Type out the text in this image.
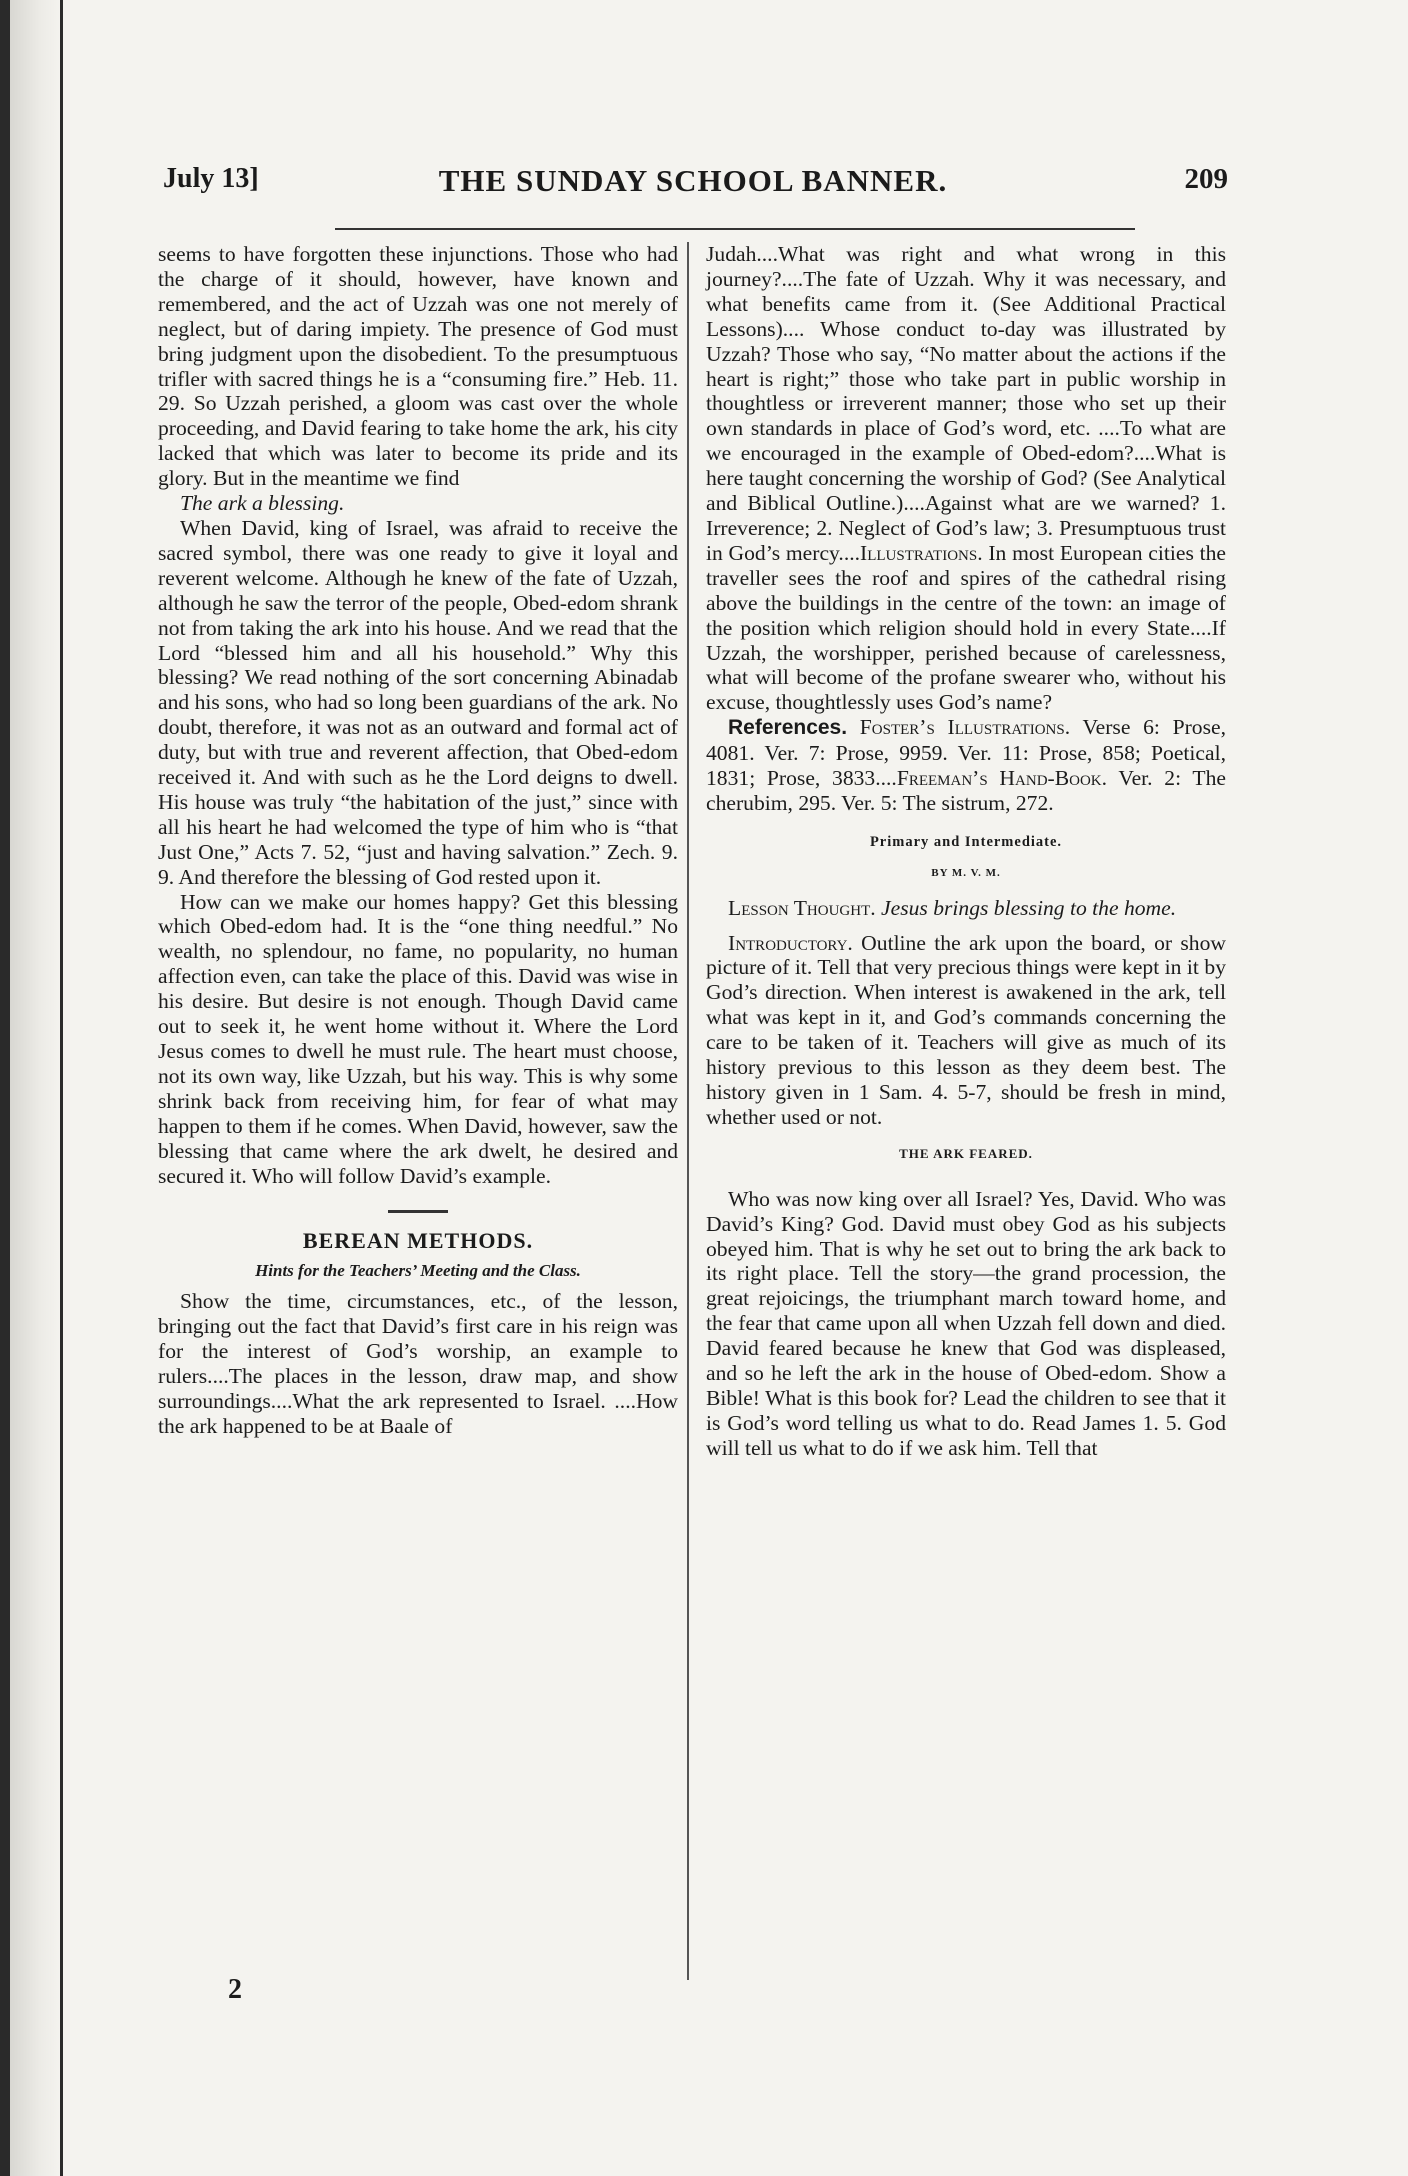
July 13]	THE SUNDAY SCHOOL BANNER.	209

seems to have forgotten these injunctions. Those who had the charge of it should, however, have known and remembered, and the act of Uzzah was one not merely of neglect, but of daring impiety. The presence of God must bring judgment upon the disobedient. To the presumptuous trifler with sacred things he is a “consuming fire.” Heb. 11. 29. So Uzzah perished, a gloom was cast over the whole proceeding, and David fearing to take home the ark, his city lacked that which was later to become its pride and its glory. But in the meantime we find

The ark a blessing.

When David, king of Israel, was afraid to receive the sacred symbol, there was one ready to give it loyal and reverent welcome. Although he knew of the fate of Uzzah, although he saw the terror of the people, Obed-edom shrank not from taking the ark into his house. And we read that the Lord “blessed him and all his household.” Why this blessing? We read nothing of the sort concerning Abinadab and his sons, who had so long been guardians of the ark. No doubt, therefore, it was not as an outward and formal act of duty, but with true and reverent affection, that Obed-edom received it. And with such as he the Lord deigns to dwell. His house was truly “the habitation of the just,” since with all his heart he had welcomed the type of him who is “that Just One,” Acts 7. 52, “just and having salvation.” Zech. 9. 9. And therefore the blessing of God rested upon it.

How can we make our homes happy? Get this blessing which Obed-edom had. It is the “one thing needful.” No wealth, no splendour, no fame, no popularity, no human affection even, can take the place of this. David was wise in his desire. But desire is not enough. Though David came out to seek it, he went home without it. Where the Lord Jesus comes to dwell he must rule. The heart must choose, not its own way, like Uzzah, but his way. This is why some shrink back from receiving him, for fear of what may happen to them if he comes. When David, however, saw the blessing that came where the ark dwelt, he desired and secured it. Who will follow David’s example.

BEREAN METHODS.
Hints for the Teachers’ Meeting and the Class.

Show the time, circumstances, etc., of the lesson, bringing out the fact that David’s first care in his reign was for the interest of God’s worship, an example to rulers....The places in the lesson, draw map, and show surroundings....What the ark represented to Israel. ....How the ark happened to be at Baale of

Judah....What was right and what wrong in this journey?....The fate of Uzzah. Why it was necessary, and what benefits came from it. (See Additional Practical Lessons).... Whose conduct to-day was illustrated by Uzzah? Those who say, “No matter about the actions if the heart is right;” those who take part in public worship in thoughtless or irreverent manner; those who set up their own standards in place of God’s word, etc. ....To what are we encouraged in the example of Obed-edom?....What is here taught concerning the worship of God? (See Analytical and Biblical Outline.)....Against what are we warned? 1. Irreverence; 2. Neglect of God’s law; 3. Presumptuous trust in God’s mercy....Illustrations. In most European cities the traveller sees the roof and spires of the cathedral rising above the buildings in the centre of the town: an image of the position which religion should hold in every State....If Uzzah, the worshipper, perished because of carelessness, what will become of the profane swearer who, without his excuse, thoughtlessly uses God’s name?

References. Foster’s Illustrations. Verse 6: Prose, 4081. Ver. 7: Prose, 9959. Ver. 11: Prose, 858; Poetical, 1831; Prose, 3833....Freeman’s Hand-Book. Ver. 2: The cherubim, 295. Ver. 5: The sistrum, 272.

Primary and Intermediate.
BY M. V. M.

Lesson Thought. Jesus brings blessing to the home.

Introductory. Outline the ark upon the board, or show picture of it. Tell that very precious things were kept in it by God’s direction. When interest is awakened in the ark, tell what was kept in it, and God’s commands concerning the care to be taken of it. Teachers will give as much of its history previous to this lesson as they deem best. The history given in 1 Sam. 4. 5-7, should be fresh in mind, whether used or not.

THE ARK FEARED.

Who was now king over all Israel? Yes, David. Who was David’s King? God. David must obey God as his subjects obeyed him. That is why he set out to bring the ark back to its right place. Tell the story—the grand procession, the great rejoicings, the triumphant march toward home, and the fear that came upon all when Uzzah fell down and died. David feared because he knew that God was displeased, and so he left the ark in the house of Obed-edom. Show a Bible! What is this book for? Lead the children to see that it is God’s word telling us what to do. Read James 1. 5. God will tell us what to do if we ask him. Tell that

2
